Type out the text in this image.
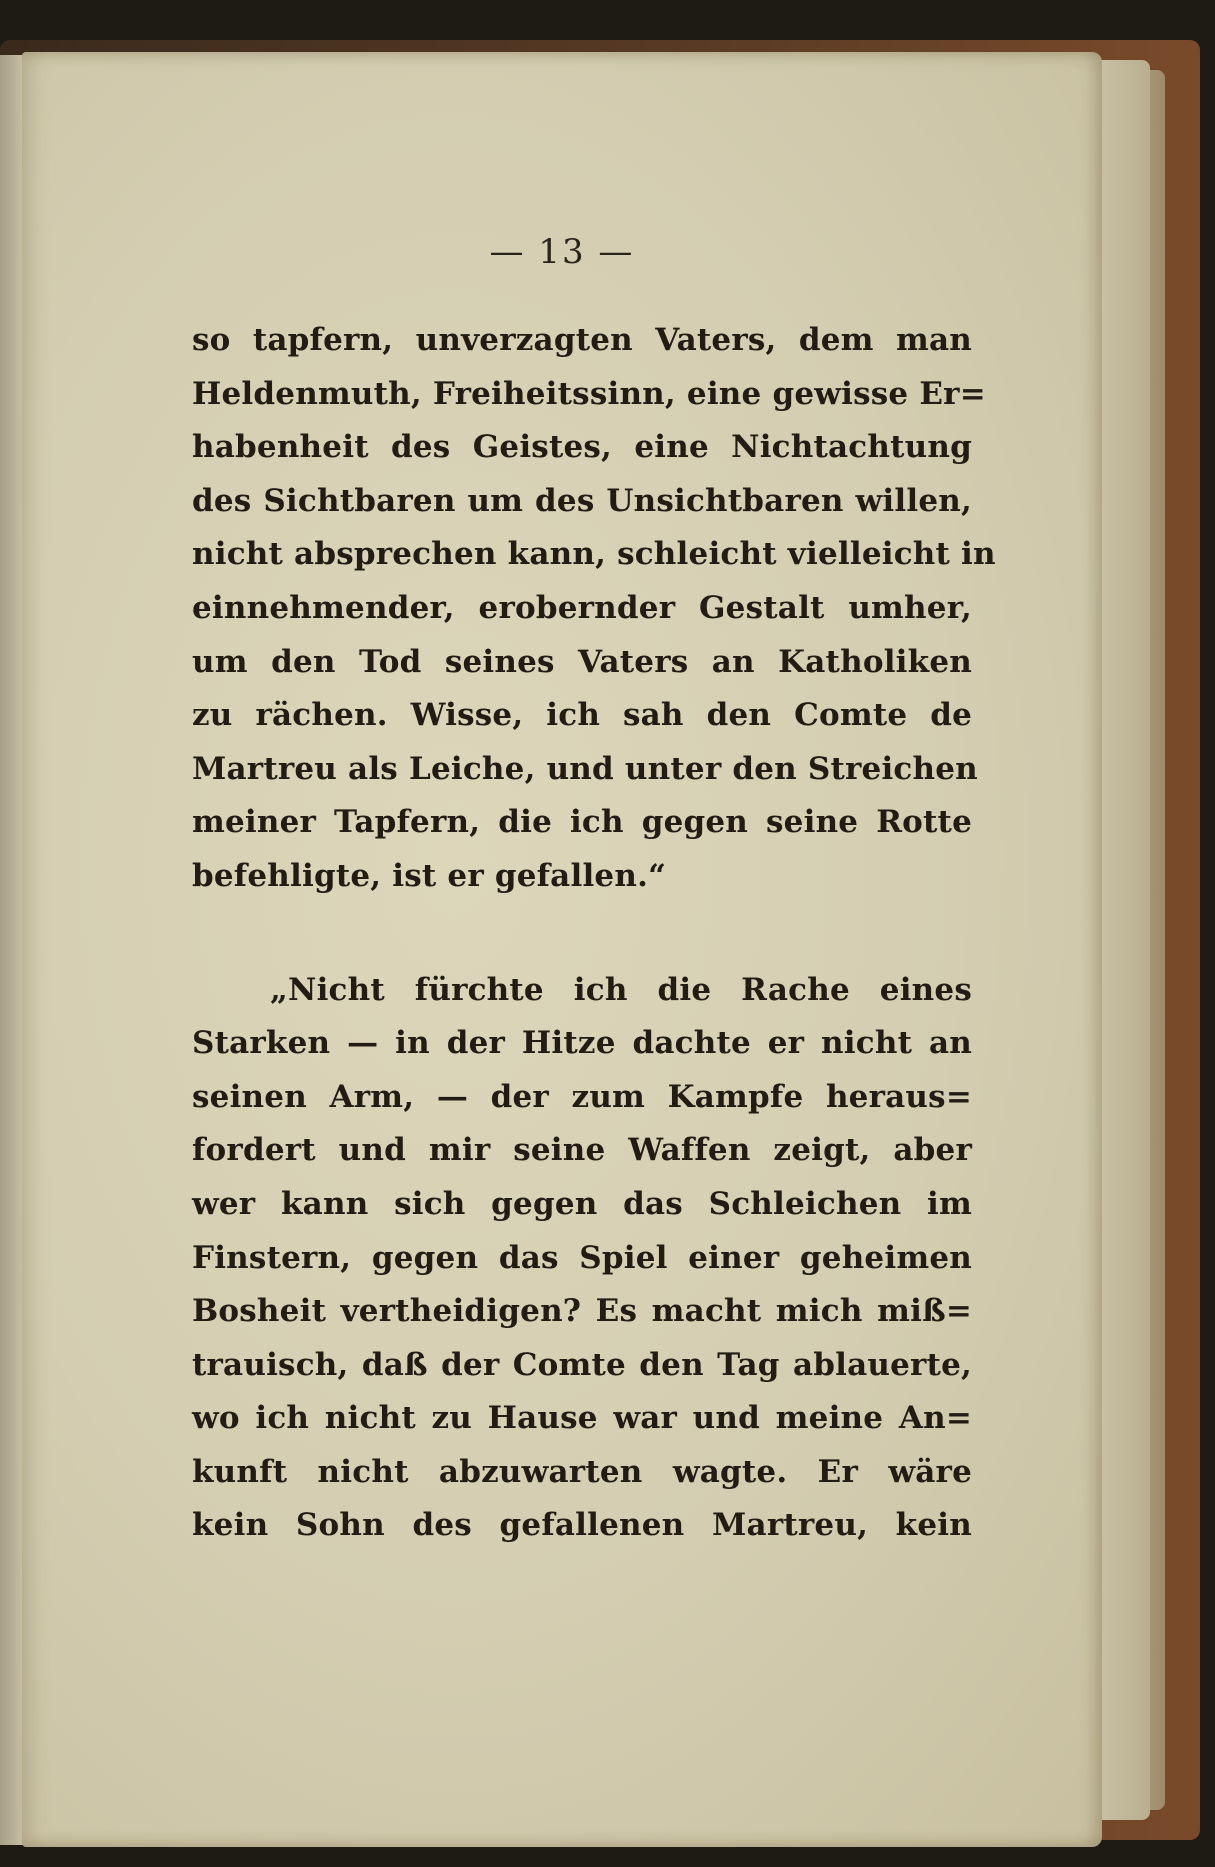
— 13 —
so tapfern, unverzagten Vaters, dem man
Heldenmuth, Freiheitssinn, eine gewisse Er=
habenheit des Geistes, eine Nichtachtung
des Sichtbaren um des Unsichtbaren willen,
nicht absprechen kann, schleicht vielleicht in
einnehmender, erobernder Gestalt umher,
um den Tod seines Vaters an Katholiken
zu rächen. Wisse, ich sah den Comte de
Martreu als Leiche, und unter den Streichen
meiner Tapfern, die ich gegen seine Rotte
befehligte, ist er gefallen.“
„Nicht fürchte ich die Rache eines
Starken — in der Hitze dachte er nicht an
seinen Arm, — der zum Kampfe heraus=
fordert und mir seine Waffen zeigt, aber
wer kann sich gegen das Schleichen im
Finstern, gegen das Spiel einer geheimen
Bosheit vertheidigen? Es macht mich miß=
trauisch, daß der Comte den Tag ablauerte,
wo ich nicht zu Hause war und meine An=
kunft nicht abzuwarten wagte. Er wäre
kein Sohn des gefallenen Martreu, kein
